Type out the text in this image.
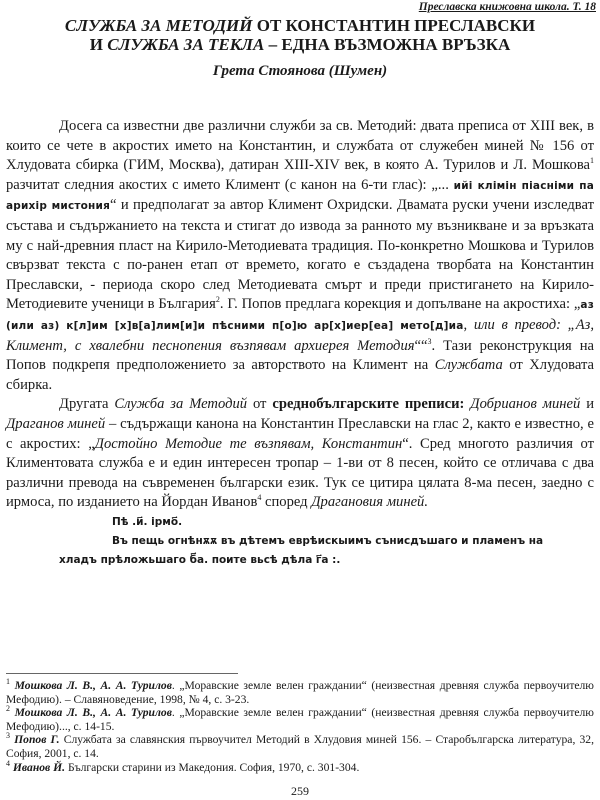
Преславска книжовна школа. Т. 18
СЛУЖБА ЗА МЕТОДИЙ ОТ КОНСТАНТИН ПРЕСЛАВСКИ
И СЛУЖБА ЗА ТЕКЛА – ЕДНА ВЪЗМОЖНА ВРЪЗКА
Грета Стоянова (Шумен)

Досега са известни две различни служби за св. Методий: двата преписа от XIII век, в които се чете в акростих името на Константин, и службата от служебен миней № 156 от Хлудовата сбирка (ГИМ, Москва), датиран XIII-XIV век, в която А. Турилов и Л. Мошкова$^1$ разчитат следния акостих с името Климент (с канон на 6-ти глас): „... ийі клімін піасніми па арихір мистония“ и предполагат за автор Климент Охридски. Двамата руски учени изследват състава и съдържанието на текста и стигат до извода за ранното му възникване и за връзката му с най-древния пласт на Кирило-Методиевата традиция. По-конкретно Мошкова и Турилов свързват текста с по-ранен етап от времето, когато е създадена творбата на Константин Преславски, - периода скоро след Методиевата смърт и преди пристигането на Кирило-Методиевите ученици в България$^2$. Г. Попов предлага корекция и допълване на акростиха: „аз (или аз) к[л]им [х]в[а]лим[и]и пѣсними п[о]ю ар[х]иер[еа] мето[д]иа, или в превод: „Аз, Климент, с хвалебни песнопения възпявам архиерея Методия““$^3$. Тази реконструкция на Попов подкрепя предположението за авторството на Климент на Службата от Хлудовата сбирка.

Другата Служба за Методий от среднобългарските преписи: Добрианов миней и Драганов миней – съдържащи канона на Константин Преславски на глас 2, както е известно, е с акростих: „Достойно Методие те възпявам, Константин“. Сред многото различия от Климентовата служба е и един интересен тропар – 1-ви от 8 песен, който се отличава с два различни превода на съвременен български език. Тук се цитира цялата 8-ма песен, заедно с ирмоса, по изданието на Йордан Иванов$^4$ според Драгановия миней.

Пѣ .и҃. ірмо҃.

Въ пещь огнѣнѫѫ въ дѣтемъ еврѣискыимъ сънисдъшаго и пламенъ на
хладъ прѣложьшаго б҃а. поите вьсѣ дѣла г҃а :.

$^1$ Мошкова Л. В., А. А. Турилов. „Моравские земле велен граждании“ (неизвестная древняя служба первоучителю Мефодию). – Славяноведение, 1998, № 4, с. 3-23.

$^2$ Мошкова Л. В., А. А. Турилов. „Моравские земле велен граждании“ (неизвестная древняя служба первоучителю Мефодию)..., с. 14-15.

$^3$ Попов Г. Службата за славянския първоучител Методий в Хлудовия миней 156. – Старобългарска литература, 32, София, 2001, с. 14.

$^4$ Иванов Й. Български старини из Македония. София, 1970, с. 301-304.

259
